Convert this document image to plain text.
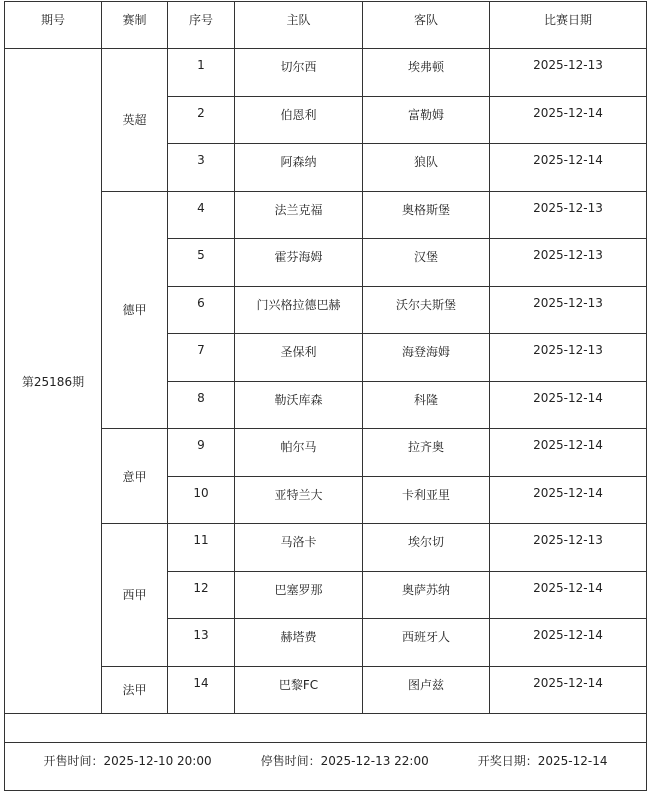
期号	赛制	序号	主队	客队	比赛日期
第25186期	英超	1	切尔西	埃弗顿	2025-12-13
		2	伯恩利	富勒姆	2025-12-14
		3	阿森纳	狼队	2025-12-14
	德甲	4	法兰克福	奥格斯堡	2025-12-13
		5	霍芬海姆	汉堡	2025-12-13
		6	门兴格拉德巴赫	沃尔夫斯堡	2025-12-13
		7	圣保利	海登海姆	2025-12-13
		8	勒沃库森	科隆	2025-12-14
	意甲	9	帕尔马	拉齐奥	2025-12-14
		10	亚特兰大	卡利亚里	2025-12-14
	西甲	11	马洛卡	埃尔切	2025-12-13
		12	巴塞罗那	奥萨苏纳	2025-12-14
		13	赫塔费	西班牙人	2025-12-14
	法甲	14	巴黎FC	图卢兹	2025-12-14

开售时间：2025-12-10 20:00 停售时间：2025-12-13 22:00 开奖日期：2025-12-14					
